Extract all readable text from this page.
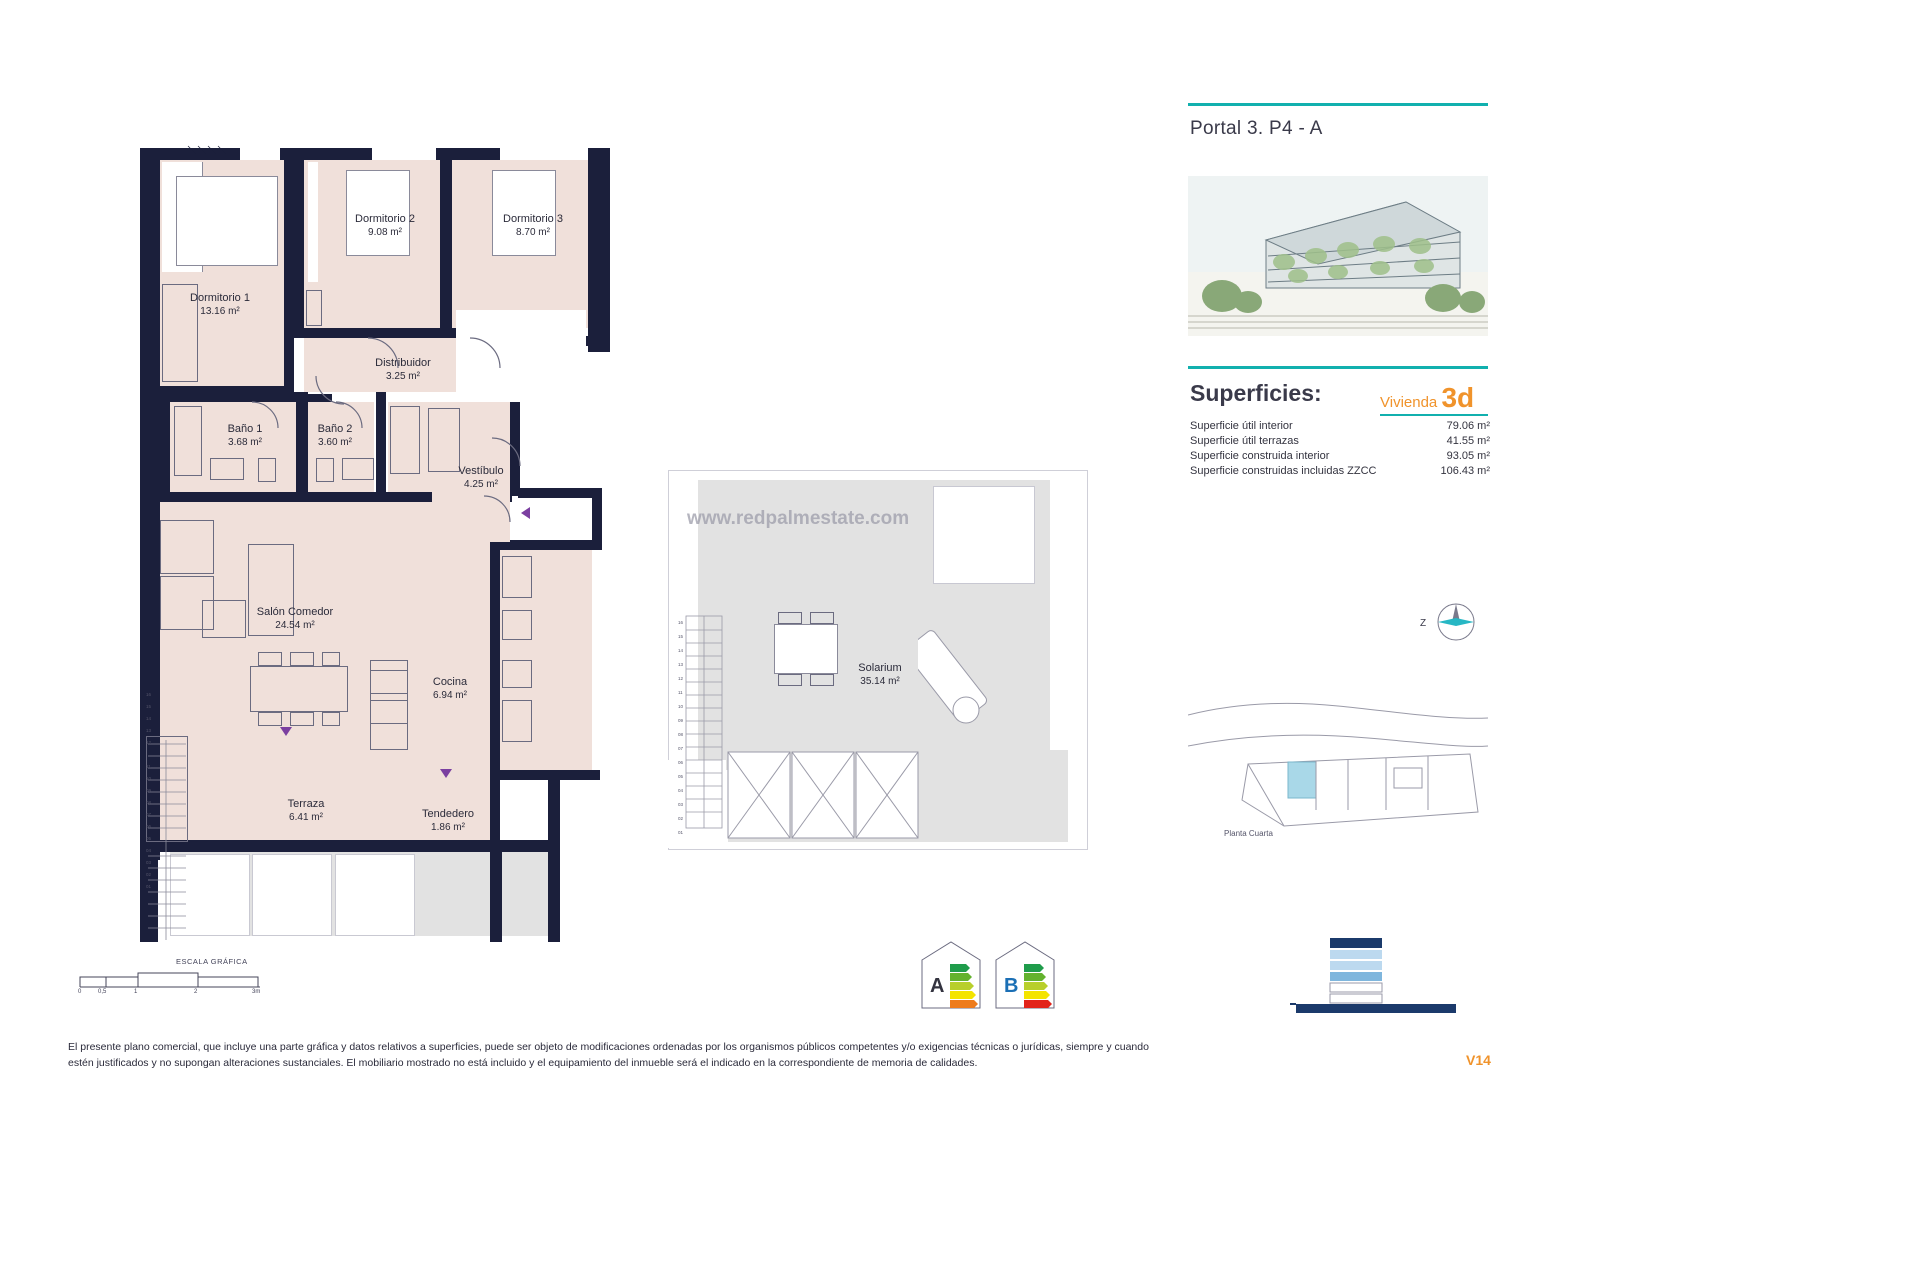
16
15
14
13
12
11
10
09
08
07
06
05
04
03
02
01
Dormitorio 1
13.16 m²
Dormitorio 2
9.08 m²
Dormitorio 3
8.70 m²
Distribuidor
3.25 m²
Baño 1
3.68 m²
Baño 2
3.60 m²
Vestíbulo
4.25 m²
Salón Comedor
24.54 m²
Cocina
6.94 m²
Terraza
6.41 m²	Tendedero
1.86 m²
16
15
14
13
12
11
10
09
08
07
06
05
04
03
02
01
Solarium
35.14 m²
www.redpalmestate.com
Portal 3. P4 - A
Superficies:	Vivienda 3d
Superficie útil interior	79.06 m²
Superficie útil terrazas	41.55 m²
Superficie construida interior	93.05 m²
Superficie construidas incluidas ZZCC	106.43 m²
Z
Planta Cuarta
A	B
ESCALA GRÁFICA
0	0,5	1	2	3m
El presente plano comercial, que incluye una parte gráfica y datos relativos a superficies, puede ser objeto de modificaciones ordenadas por los organismos públicos competentes y/o exigencias técnicas o jurídicas, siempre y cuando
estén justificados y no supongan alteraciones sustanciales. El mobiliario mostrado no está incluido y el equipamiento del inmueble será el indicado en la correspondiente de memoria de calidades.	V14
